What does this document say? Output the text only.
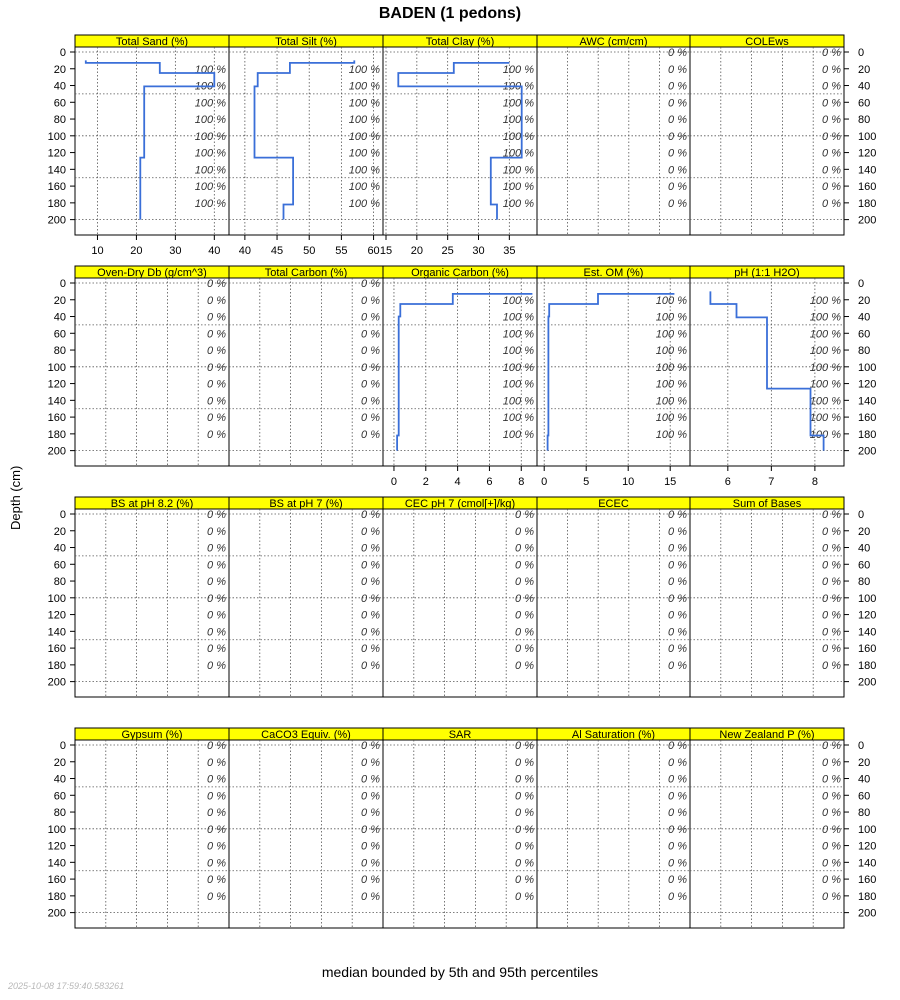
BADEN (1 pedons)
Depth (cm)
0	0
20	20
40	40
60	60
80	80
100	100
120	120
140	140
160	160
180	180
200	200
0	0
20	20
40	40
60	60
80	80
100	100
120	120
140	140
160	160
180	180
200	200
0	0
20	20
40	40
60	60
80	80
100	100
120	120
140	140
160	160
180	180
200	200
0	0
20	20
40	40
60	60
80	80
100	100
120	120
140	140
160	160
180	180
200	200
Total Sand (%)
10 20 30 40
100 %
100 %
100 %
100 %
100 %
100 %
100 %
100 %
100 %
Total Silt (%)
40 45 50 55 60
100 %
100 %
100 %
100 %
100 %
100 %
100 %
100 %
100 %
Total Clay (%)
15 20 25 30 35
100 %
100 %
100 %
100 %
100 %
100 %
100 %
100 %
100 %
AWC (cm/cm)
0 %
0 %
0 %
0 %
0 %
0 %
0 %
0 %
0 %
0 %
COLEws
0 %
0 %
0 %
0 %
0 %
0 %
0 %
0 %
0 %
0 %
Oven-Dry Db (g/cm^3)
0 %
0 %
0 %
0 %
0 %
0 %
0 %
0 %
0 %
0 %
Total Carbon (%)
0 %
0 %
0 %
0 %
0 %
0 %
0 %
0 %
0 %
0 %
Organic Carbon (%)
0 2 4 6 8
100 %
100 %
100 %
100 %
100 %
100 %
100 %
100 %
100 %
Est. OM (%)
0	5	10	15
100 %
100 %
100 %
100 %
100 %
100 %
100 %
100 %
100 %
pH (1:1 H2O)
6	7	8
100 %
100 %
100 %
100 %
100 %
100 %
100 %
100 %
100 %
BS at pH 8.2 (%)
0 %
0 %
0 %
0 %
0 %
0 %
0 %
0 %
0 %
0 %
BS at pH 7 (%)
0 %
0 %
0 %
0 %
0 %
0 %
0 %
0 %
0 %
0 %
CEC pH 7 (cmol[+]/kg)
0 %
0 %
0 %
0 %
0 %
0 %
0 %
0 %
0 %
0 %
ECEC
0 %
0 %
0 %
0 %
0 %
0 %
0 %
0 %
0 %
0 %
Sum of Bases
0 %
0 %
0 %
0 %
0 %
0 %
0 %
0 %
0 %
0 %
Gypsum (%)
0 %
0 %
0 %
0 %
0 %
0 %
0 %
0 %
0 %
0 %
CaCO3 Equiv. (%)
0 %
0 %
0 %
0 %
0 %
0 %
0 %
0 %
0 %
0 %
SAR
0 %
0 %
0 %
0 %
0 %
0 %
0 %
0 %
0 %
0 %
Al Saturation (%)
0 %
0 %
0 %
0 %
0 %
0 %
0 %
0 %
0 %
0 %
New Zealand P (%)
0 %
0 %
0 %
0 %
0 %
0 %
0 %
0 %
0 %
0 %
median bounded by 5th and 95th percentiles
2025-10-08 17:59:40.583261
